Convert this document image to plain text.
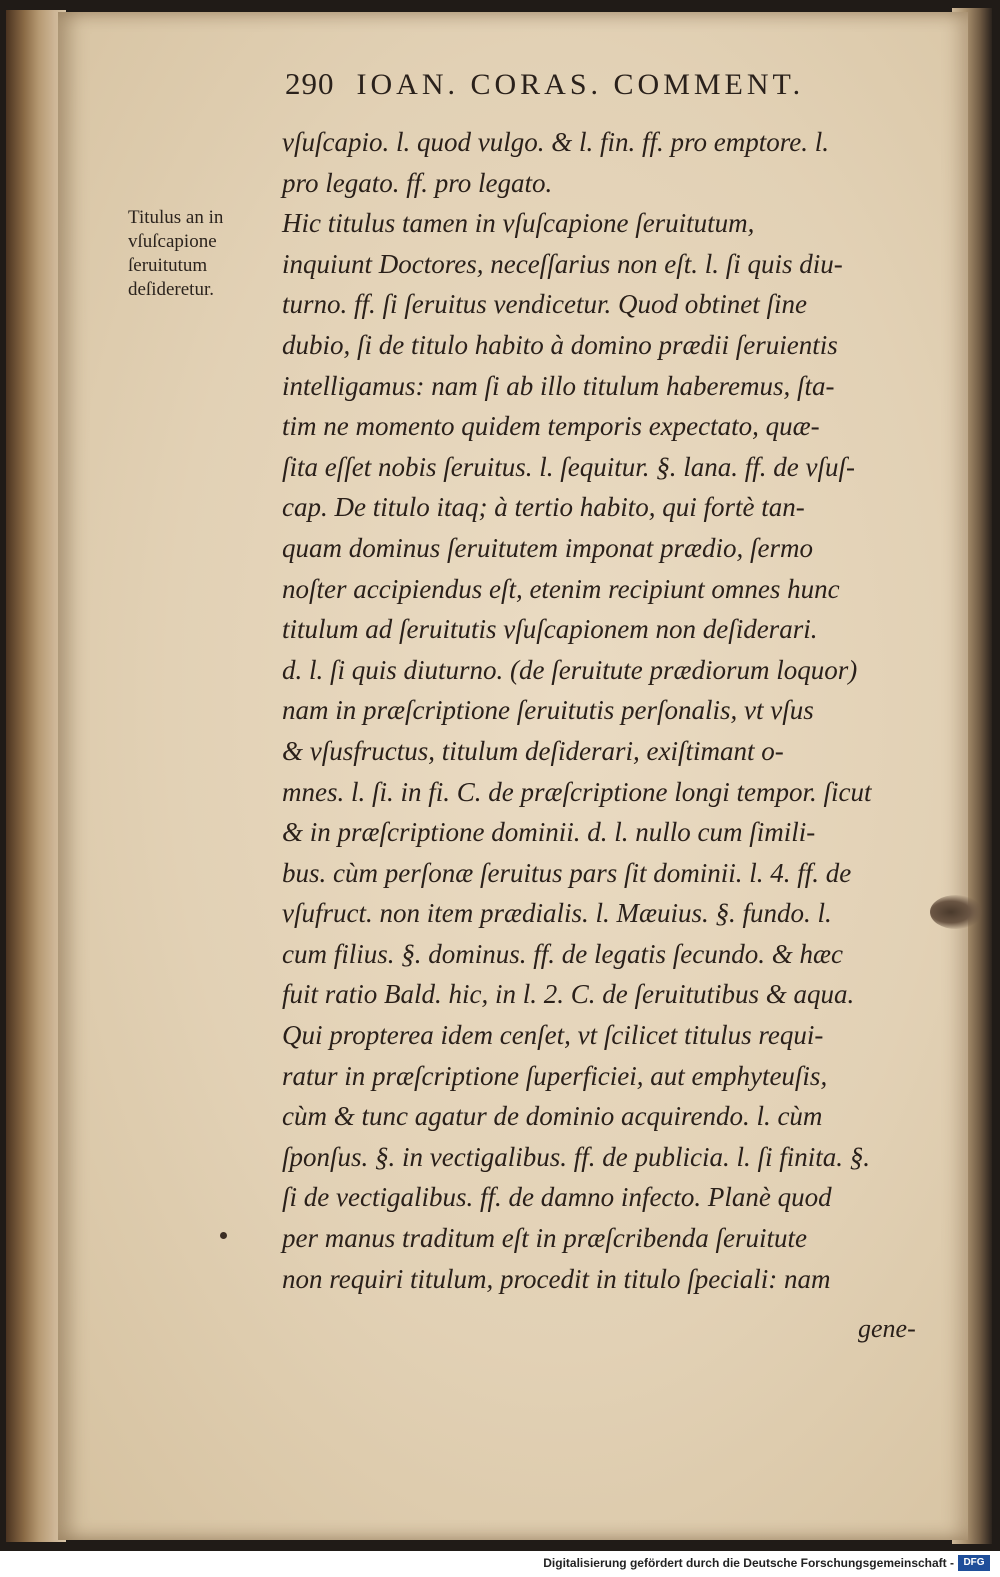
290 IOAN. CORAS. COMMENT.
Titulus an in
vſuſcapione
ſeruitutum
deſideretur.
vſuſcapio. l. quod vulgo. & l. fin. ff. pro emptore. l.
pro legato. ff. pro legato.
Hic titulus tamen in vſuſcapione ſeruitutum,
inquiunt Doctores, neceſſarius non eſt. l. ſi quis diu-
turno. ff. ſi ſeruitus vendicetur. Quod obtinet ſine
dubio, ſi de titulo habito à domino prædii ſeruientis
intelligamus: nam ſi ab illo titulum haberemus, ſta-
tim ne momento quidem temporis expectato, quæ-
ſita eſſet nobis ſeruitus. l. ſequitur. §. lana. ff. de vſuſ-
cap. De titulo itaq; à tertio habito, qui fortè tan-
quam dominus ſeruitutem imponat prædio, ſermo
noſter accipiendus eſt, etenim recipiunt omnes hunc
titulum ad ſeruitutis vſuſcapionem non deſiderari.
d. l. ſi quis diuturno. (de ſeruitute prædiorum loquor)
nam in præſcriptione ſeruitutis perſonalis, vt vſus
& vſusfructus, titulum deſiderari, exiſtimant o-
mnes. l. ſi. in fi. C. de præſcriptione longi tempor. ſicut
& in præſcriptione dominii. d. l. nullo cum ſimili-
bus. cùm perſonæ ſeruitus pars ſit dominii. l. 4. ff. de
vſufruct. non item prædialis. l. Mæuius. §. fundo. l.
cum filius. §. dominus. ff. de legatis ſecundo. & hæc
fuit ratio Bald. hic, in l. 2. C. de ſeruitutibus & aqua.
Qui propterea idem cenſet, vt ſcilicet titulus requi-
ratur in præſcriptione ſuperficiei, aut emphyteuſis,
cùm & tunc agatur de dominio acquirendo. l. cùm
ſponſus. §. in vectigalibus. ff. de publicia. l. ſi finita. §.
ſi de vectigalibus. ff. de damno infecto. Planè quod
per manus traditum eſt in præſcribenda ſeruitute
non requiri titulum, procedit in titulo ſpeciali: nam
gene-
Digitalisierung gefördert durch die Deutsche Forschungsgemeinschaft - DFG
